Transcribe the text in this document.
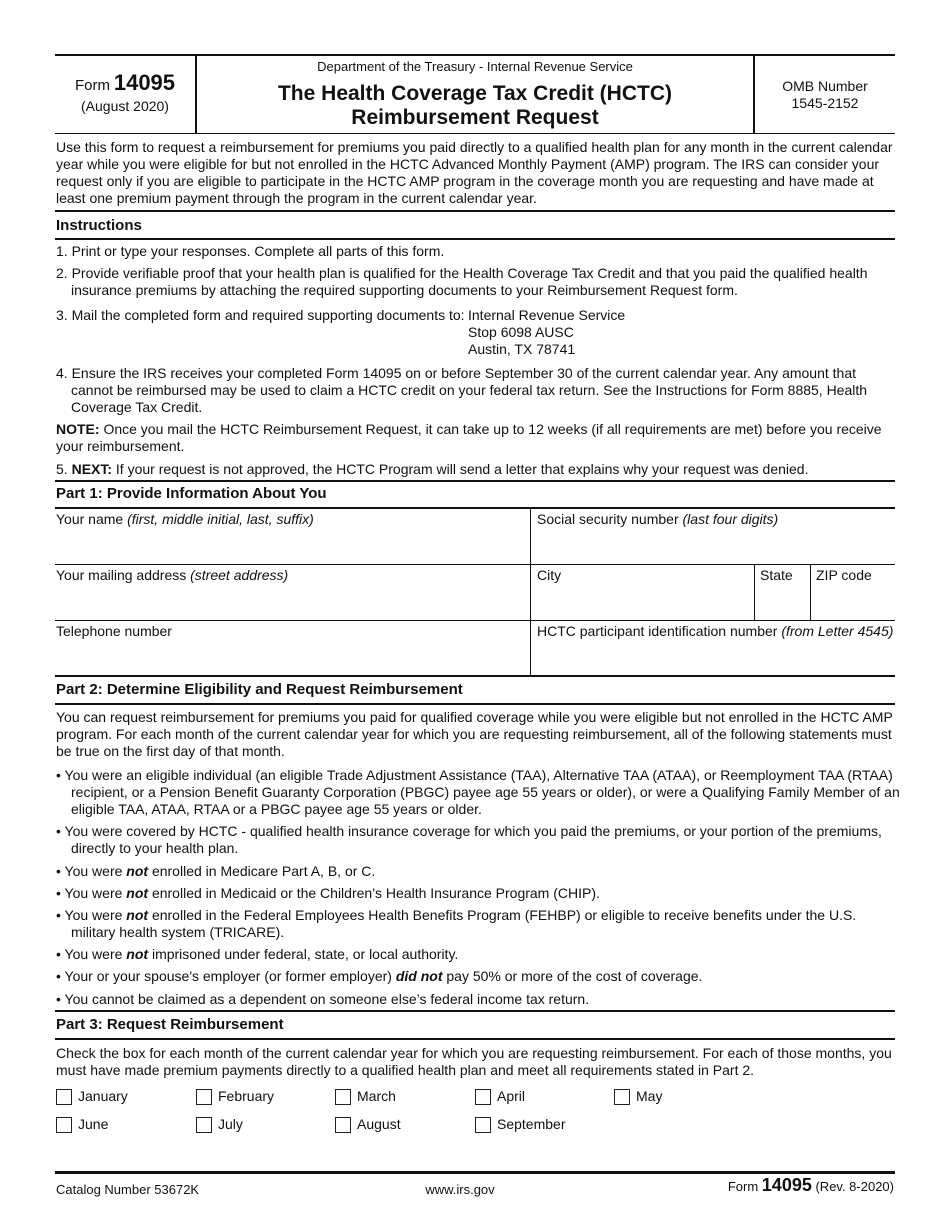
Form 14095
(August 2020)
Department of the Treasury - Internal Revenue Service
The Health Coverage Tax Credit (HCTC)
Reimbursement Request
OMB Number
1545-2152

Use this form to request a reimbursement for premiums you paid directly to a qualified health plan for any month in the current calendar year while you were eligible for but not enrolled in the HCTC Advanced Monthly Payment (AMP) program. The IRS can consider your request only if you are eligible to participate in the HCTC AMP program in the coverage month you are requesting and have made at least one premium payment through the program in the current calendar year.

Instructions

1. Print or type your responses. Complete all parts of this form.

2. Provide verifiable proof that your health plan is qualified for the Health Coverage Tax Credit and that you paid the qualified health insurance premiums by attaching the required supporting documents to your Reimbursement Request form.

3. Mail the completed form and required supporting documents to: Internal Revenue Service
Stop 6098 AUSC
Austin, TX 78741

4. Ensure the IRS receives your completed Form 14095 on or before September 30 of the current calendar year. Any amount that cannot be reimbursed may be used to claim a HCTC credit on your federal tax return. See the Instructions for Form 8885, Health Coverage Tax Credit.

NOTE: Once you mail the HCTC Reimbursement Request, it can take up to 12 weeks (if all requirements are met) before you receive your reimbursement.

5. NEXT: If your request is not approved, the HCTC Program will send a letter that explains why your request was denied.

Part 1: Provide Information About You
Your name (first, middle initial, last, suffix)	Social security number (last four digits)
Your mailing address (street address)	City	State ZIP code
Telephone number	HCTC participant identification number (from Letter 4545)
Part 2: Determine Eligibility and Request Reimbursement

You can request reimbursement for premiums you paid for qualified coverage while you were eligible but not enrolled in the HCTC AMP program. For each month of the current calendar year for which you are requesting reimbursement, all of the following statements must be true on the first day of that month.

• You were an eligible individual (an eligible Trade Adjustment Assistance (TAA), Alternative TAA (ATAA), or Reemployment TAA (RTAA) recipient, or a Pension Benefit Guaranty Corporation (PBGC) payee age 55 years or older), or were a Qualifying Family Member of an eligible TAA, ATAA, RTAA or a PBGC payee age 55 years or older.

• You were covered by HCTC - qualified health insurance coverage for which you paid the premiums, or your portion of the premiums, directly to your health plan.

• You were not enrolled in Medicare Part A, B, or C.

• You were not enrolled in Medicaid or the Children’s Health Insurance Program (CHIP).

• You were not enrolled in the Federal Employees Health Benefits Program (FEHBP) or eligible to receive benefits under the U.S. military health system (TRICARE).

• You were not imprisoned under federal, state, or local authority.

• Your or your spouse's employer (or former employer) did not pay 50% or more of the cost of coverage.

• You cannot be claimed as a dependent on someone else’s federal income tax return.

Part 3: Request Reimbursement

Check the box for each month of the current calendar year for which you are requesting reimbursement. For each of those months, you must have made premium payments directly to a qualified health plan and meet all requirements stated in Part 2.

January	February	March	April	May
June	July	August	September
Catalog Number 53672K	www.irs.gov	Form 14095 (Rev. 8-2020)
